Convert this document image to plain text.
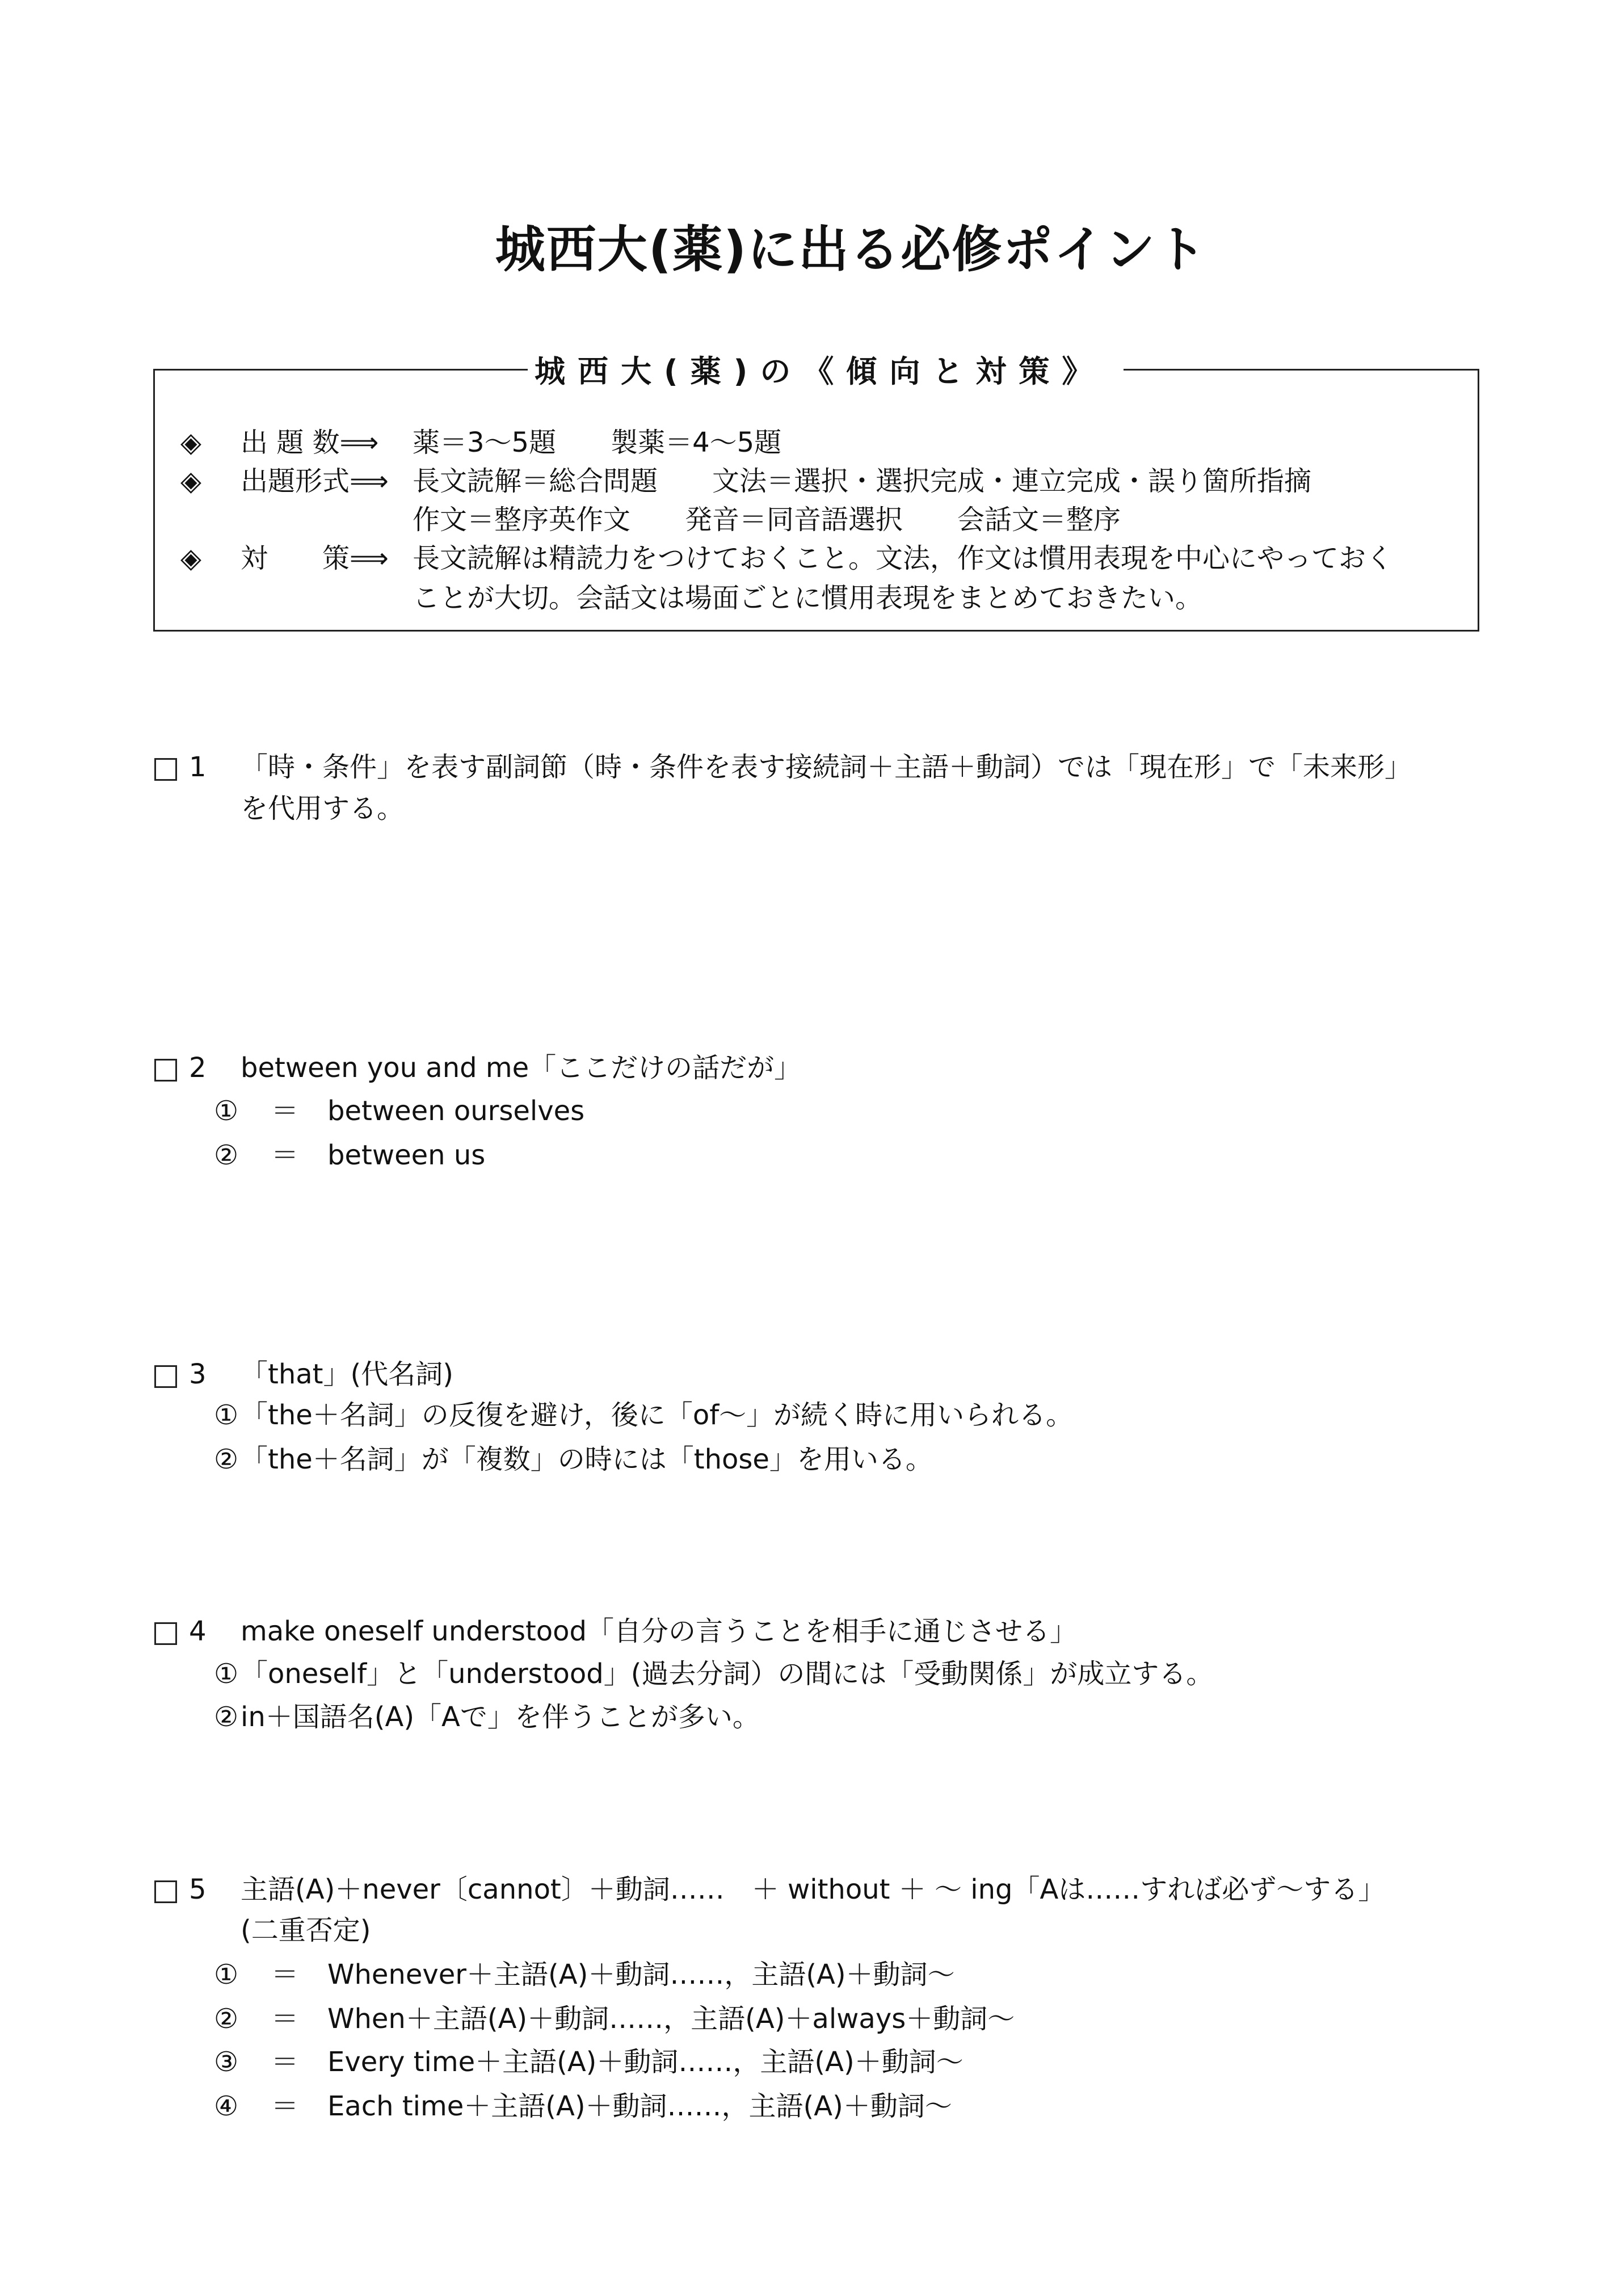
城西大(薬)に出る必修ポイント
城西大(薬)の《傾向と対策》
◈ 出 題 数⟹ 薬＝3〜5題　　製薬＝4〜5題
◈ 出題形式⟹ 長文読解＝総合問題　　文法＝選択・選択完成・連立完成・誤り箇所指摘
作文＝整序英作文　　発音＝同音語選択　　会話文＝整序
◈ 対　　策⟹ 長文読解は精読力をつけておくこと。文法，作文は慣用表現を中心にやっておく
ことが大切。会話文は場面ごとに慣用表現をまとめておきたい。
1 「時・条件」を表す副詞節（時・条件を表す接続詞＋主語＋動詞）では「現在形」で「未来形」
を代用する。
2 between you and me「ここだけの話だが」
① ＝ between ourselves
② ＝ between us
3 「that」(代名詞)
① 「the＋名詞」の反復を避け，後に「of〜」が続く時に用いられる。
② 「the＋名詞」が「複数」の時には「those」を用いる。
4 make oneself understood「自分の言うことを相手に通じさせる」
① 「oneself」と「understood」(過去分詞）の間には「受動関係」が成立する。
② in＋国語名(A)「Aで」を伴うことが多い。
5 主語(A)＋never〔cannot〕＋動詞……　＋ without ＋ 〜 ing「Aは……すれば必ず〜する」
(二重否定)
① ＝ Whenever＋主語(A)＋動詞……，主語(A)＋動詞〜
② ＝ When＋主語(A)＋動詞……，主語(A)＋always＋動詞〜
③ ＝ Every time＋主語(A)＋動詞……，主語(A)＋動詞〜
④ ＝ Each time＋主語(A)＋動詞……，主語(A)＋動詞〜
